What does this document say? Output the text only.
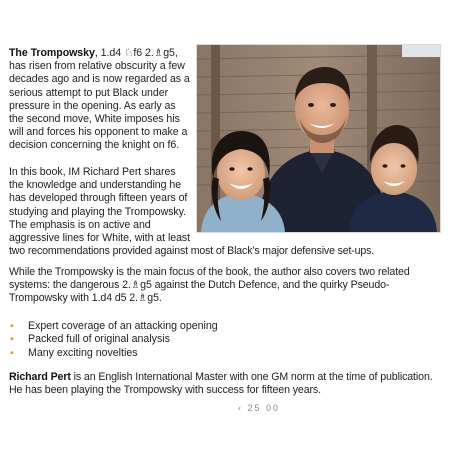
The Trompowsky, 1.d4 ♘f6 2.♗g5, has risen from relative obscurity a few decades ago and is now regarded as a serious attempt to put Black under pressure in the opening. As early as the second move, White imposes his will and forces his opponent to make a decision concerning the knight on f6.

In this book, IM Richard Pert shares the knowledge and understanding he has developed through fifteen years of studying and playing the Trompowsky. The emphasis is on active and aggressive lines for White, with at least

two recommendations provided against most of Black’s major defensive set-ups.

While the Trompowsky is the main focus of the book, the author also covers two related systems: the dangerous 2.♗g5 against the Dutch Defence, and the quirky Pseudo-Trompowsky with 1.d4 d5 2.♗g5.

▪ Expert coverage of an attacking opening
▪ Packed full of original analysis
▪ Many exciting novelties

Richard Pert is an English International Master with one GM norm at the time of publication. He has been playing the Trompowsky with success for fifteen years.

‹ 25 00
